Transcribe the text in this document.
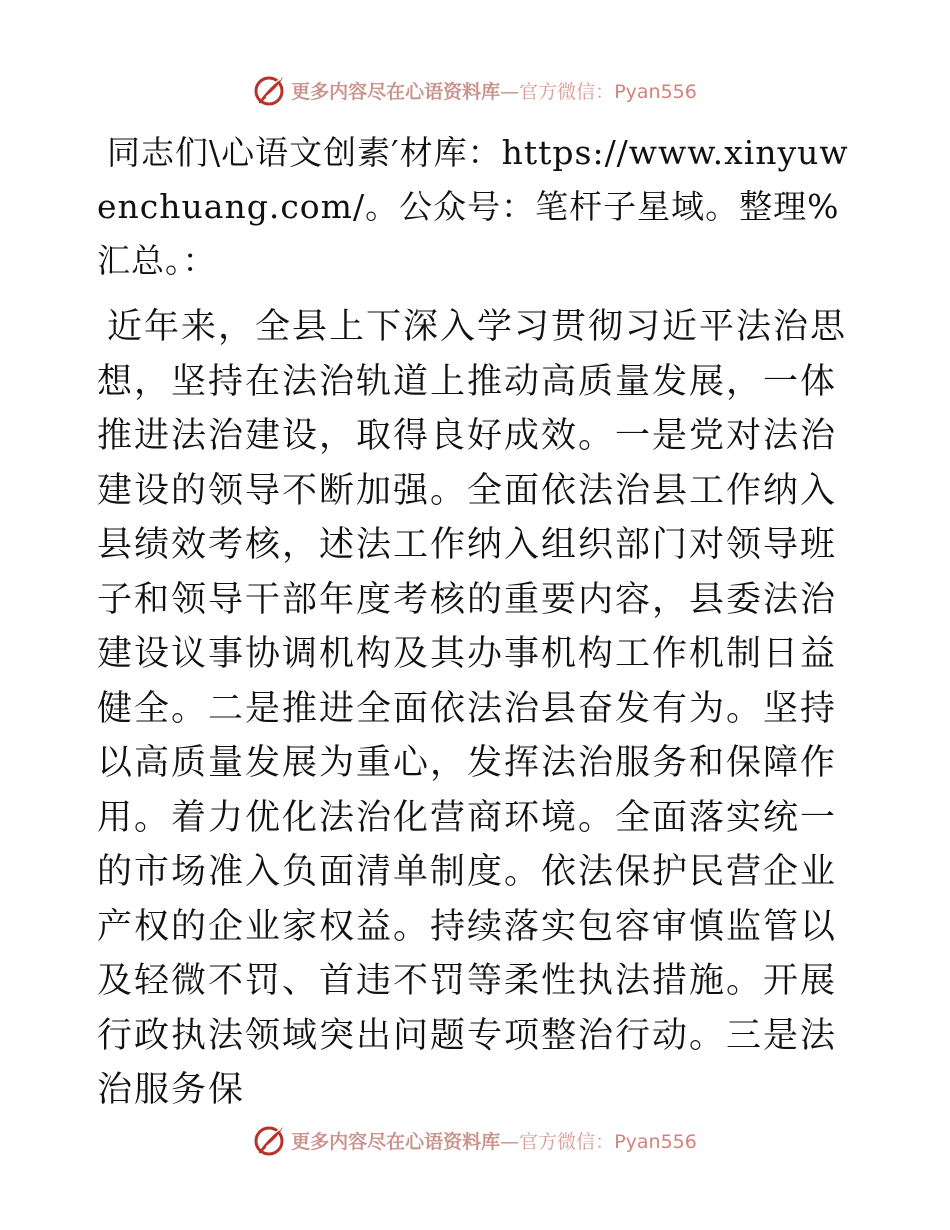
更多内容尽在心语资料库—官方微信：Pyan556

同志们\心语文创素′材库：https://www.xinyuwenchuang.com/。公众号：笔杆子星域。整理%汇总。：

近年来，全县上下深入学习贯彻习近平法治思想，坚持在法治轨道上推动高质量发展，一体推进法治建设，取得良好成效。一是党对法治建设的领导不断加强。全面依法治县工作纳入县绩效考核，述法工作纳入组织部门对领导班子和领导干部年度考核的重要内容，县委法治建设议事协调机构及其办事机构工作机制日益健全。二是推进全面依法治县奋发有为。坚持以高质量发展为重心，发挥法治服务和保障作用。着力优化法治化营商环境。全面落实统一的市场准入负面清单制度。依法保护民营企业产权的企业家权益。持续落实包容审慎监管以及轻微不罚、首违不罚等柔性执法措施。开展行政执法领域突出问题专项整治行动。三是法治服务保

更多内容尽在心语资料库—官方微信：Pyan556
